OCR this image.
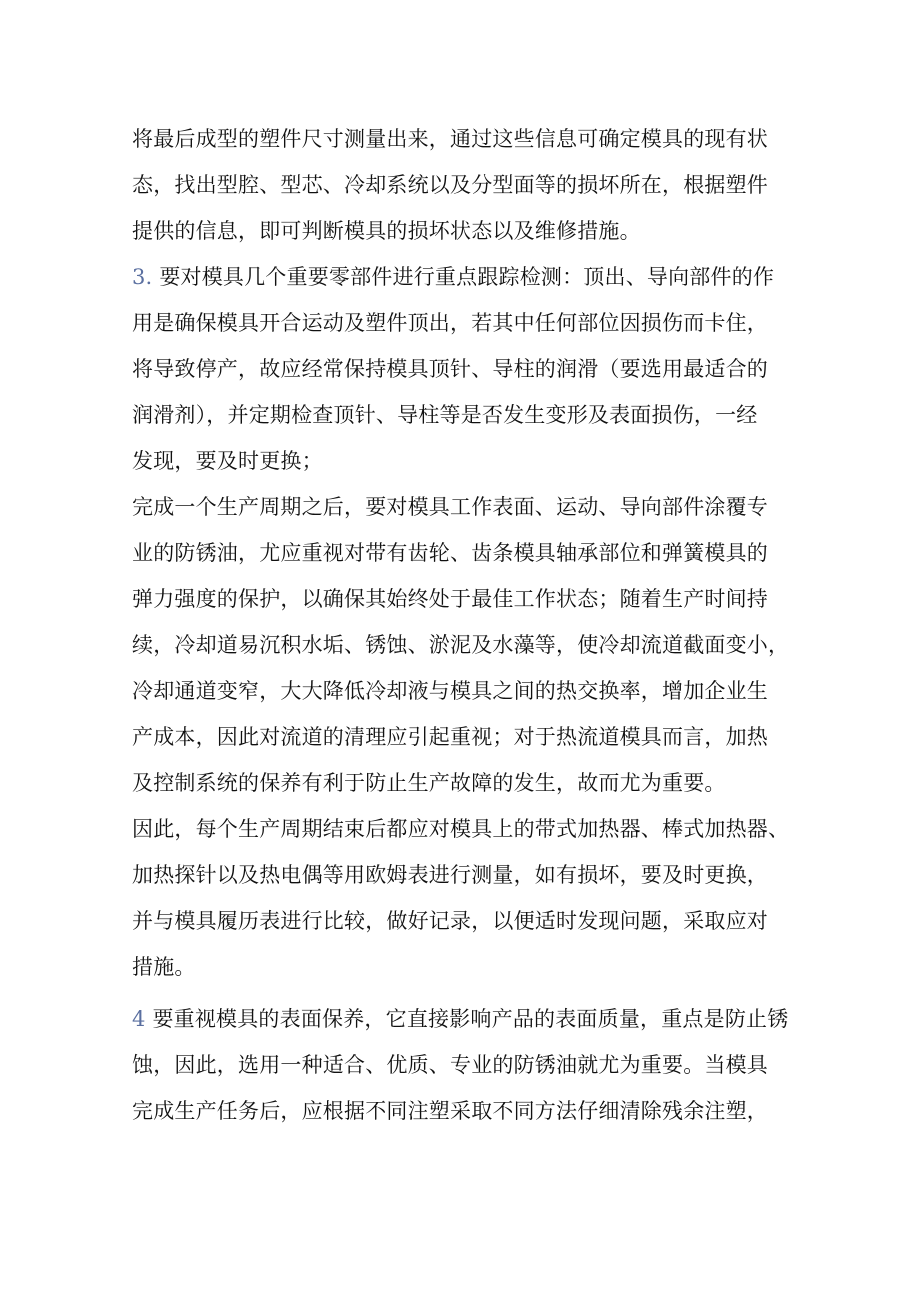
将最后成型的塑件尺寸测量出来，通过这些信息可确定模具的现有状
态，找出型腔、型芯、冷却系统以及分型面等的损坏所在，根据塑件
提供的信息，即可判断模具的损坏状态以及维修措施。
3. 要对模具几个重要零部件进行重点跟踪检测：顶出、导向部件的作
用是确保模具开合运动及塑件顶出，若其中任何部位因损伤而卡住，
将导致停产，故应经常保持模具顶针、导柱的润滑（要选用最适合的
润滑剂），并定期检查顶针、导柱等是否发生变形及表面损伤，一经
发现，要及时更换；
完成一个生产周期之后，要对模具工作表面、运动、导向部件涂覆专
业的防锈油，尤应重视对带有齿轮、齿条模具轴承部位和弹簧模具的
弹力强度的保护，以确保其始终处于最佳工作状态；随着生产时间持
续，冷却道易沉积水垢、锈蚀、淤泥及水藻等，使冷却流道截面变小，
冷却通道变窄，大大降低冷却液与模具之间的热交换率，增加企业生
产成本，因此对流道的清理应引起重视；对于热流道模具而言，加热
及控制系统的保养有利于防止生产故障的发生，故而尤为重要。
因此，每个生产周期结束后都应对模具上的带式加热器、棒式加热器、
加热探针以及热电偶等用欧姆表进行测量，如有损坏，要及时更换，
并与模具履历表进行比较，做好记录，以便适时发现问题，采取应对
措施。
4 要重视模具的表面保养，它直接影响产品的表面质量，重点是防止锈
蚀，因此，选用一种适合、优质、专业的防锈油就尤为重要。当模具
完成生产任务后，应根据不同注塑采取不同方法仔细清除残余注塑，
